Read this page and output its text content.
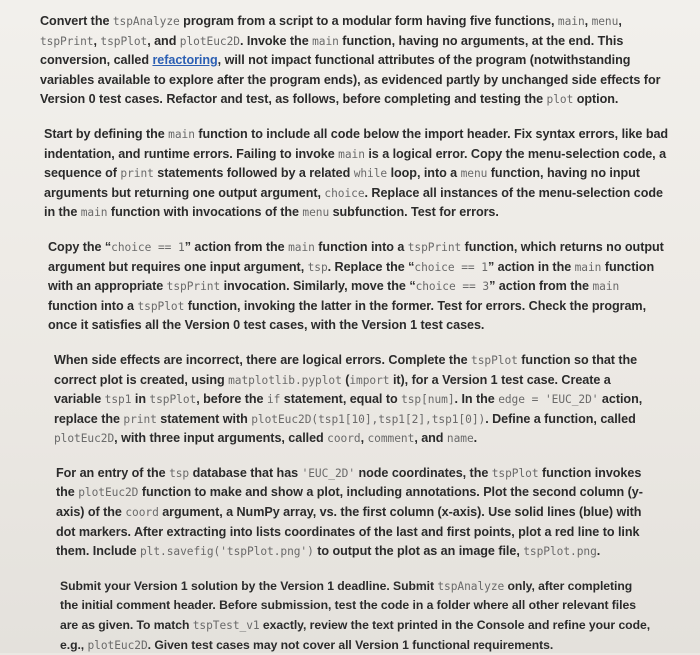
Convert the tspAnalyze program from a script to a modular form having five functions, main, menu, tspPrint, tspPlot, and plotEuc2D. Invoke the main function, having no arguments, at the end. This conversion, called refactoring, will not impact functional attributes of the program (notwithstanding variables available to explore after the program ends), as evidenced partly by unchanged side effects for Version 0 test cases. Refactor and test, as follows, before completing and testing the plot option.

Start by defining the main function to include all code below the import header. Fix syntax errors, like bad indentation, and runtime errors. Failing to invoke main is a logical error. Copy the menu-selection code, a sequence of print statements followed by a related while loop, into a menu function, having no input arguments but returning one output argument, choice. Replace all instances of the menu-selection code in the main function with invocations of the menu subfunction. Test for errors.

Copy the “choice == 1” action from the main function into a tspPrint function, which returns no output argument but requires one input argument, tsp. Replace the “choice == 1” action in the main function with an appropriate tspPrint invocation. Similarly, move the “choice == 3” action from the main function into a tspPlot function, invoking the latter in the former. Test for errors. Check the program, once it satisfies all the Version 0 test cases, with the Version 1 test cases.

When side effects are incorrect, there are logical errors. Complete the tspPlot function so that the correct plot is created, using matplotlib.pyplot (import it), for a Version 1 test case. Create a variable tsp1 in tspPlot, before the if statement, equal to tsp[num]. In the edge = 'EUC_2D' action, replace the print statement with plotEuc2D(tsp1[10],tsp1[2],tsp1[0]). Define a function, called plotEuc2D, with three input arguments, called coord, comment, and name.

For an entry of the tsp database that has 'EUC_2D' node coordinates, the tspPlot function invokes the plotEuc2D function to make and show a plot, including annotations. Plot the second column (y-axis) of the coord argument, a NumPy array, vs. the first column (x-axis). Use solid lines (blue) with dot markers. After extracting into lists coordinates of the last and first points, plot a red line to link them. Include plt.savefig('tspPlot.png') to output the plot as an image file, tspPlot.png.

Submit your Version 1 solution by the Version 1 deadline. Submit tspAnalyze only, after completing the initial comment header. Before submission, test the code in a folder where all other relevant files are as given. To match tspTest_v1 exactly, review the text printed in the Console and refine your code, e.g., plotEuc2D. Given test cases may not cover all Version 1 functional requirements.
